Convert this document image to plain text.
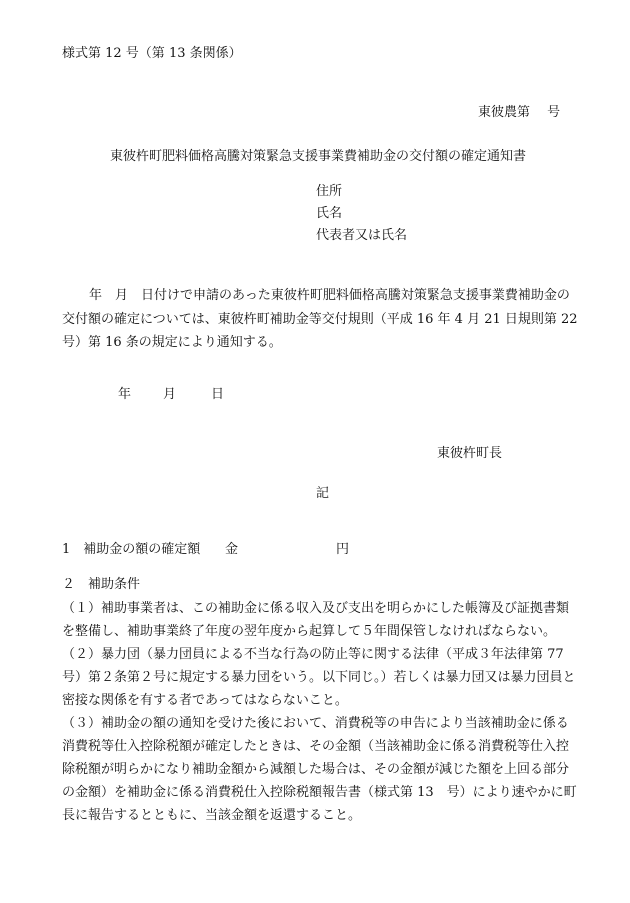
様式第 12 号（第 13 条関係）
東彼農第　 号
東彼杵町肥料価格高騰対策緊急支援事業費補助金の交付額の確定通知書
住所
氏名
代表者又は氏名

　年　月　日付けで申請のあった東彼杵町肥料価格高騰対策緊急支援事業費補助金の

交付額の確定については、東彼杵町補助金等交付規則（平成 16 年 4 月 21 日規則第 22

号）第 16 条の規定により通知する。

年 月	日
東彼杵町長
記
1　補助金の額の確定額 金	円
２　補助条件

（１）補助事業者は、この補助金に係る収入及び支出を明らかにした帳簿及び証拠書類

を整備し、補助事業終了年度の翌年度から起算して５年間保管しなければならない。

（２）暴力団（暴力団員による不当な行為の防止等に関する法律（平成３年法律第 77

号）第２条第２号に規定する暴力団をいう。以下同じ。）若しくは暴力団又は暴力団員と

密接な関係を有する者であってはならないこと。

（３）補助金の額の通知を受けた後において、消費税等の申告により当該補助金に係る

消費税等仕入控除税額が確定したときは、その金額（当該補助金に係る消費税等仕入控

除税額が明らかになり補助金額から減額した場合は、その金額が減じた額を上回る部分

の金額）を補助金に係る消費税仕入控除税額報告書（様式第 13　号）により速やかに町

長に報告するとともに、当該金額を返還すること。
